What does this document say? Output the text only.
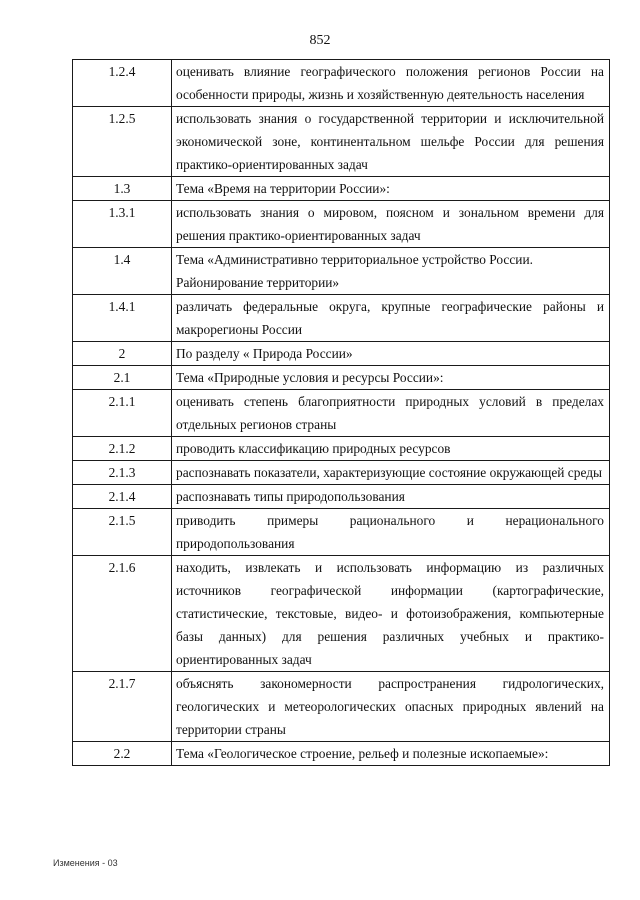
852
1.2.4	оценивать влияние географического положения регионов России на особенности природы, жизнь и хозяйственную деятельность населения
1.2.5	использовать знания о государственной территории и исключительной экономической зоне, континентальном шельфе России для решения практико-ориентированных задач
1.3	Тема «Время на территории России»:
1.3.1	использовать знания о мировом, поясном и зональном времени для решения практико-ориентированных задач
1.4	Тема «Административно территориальное устройство России. Районирование территории»
1.4.1	различать федеральные округа, крупные географические районы и макрорегионы России
2	По разделу « Природа России»
2.1	Тема «Природные условия и ресурсы России»:
2.1.1	оценивать степень благоприятности природных условий в пределах отдельных регионов страны
2.1.2	проводить классификацию природных ресурсов
2.1.3	распознавать показатели, характеризующие состояние окружающей среды
2.1.4	распознавать типы природопользования
2.1.5	приводить примеры рационального и нерационального природопользования
2.1.6	находить, извлекать и использовать информацию из различных источников географической информации (картографические, статистические, текстовые, видео- и фотоизображения, компьютерные базы данных) для решения различных учебных и практико-ориентированных задач
2.1.7	объяснять закономерности распространения гидрологических, геологических и метеорологических опасных природных явлений на территории страны
2.2	Тема «Геологическое строение, рельеф и полезные ископаемые»:
Изменения - 03
